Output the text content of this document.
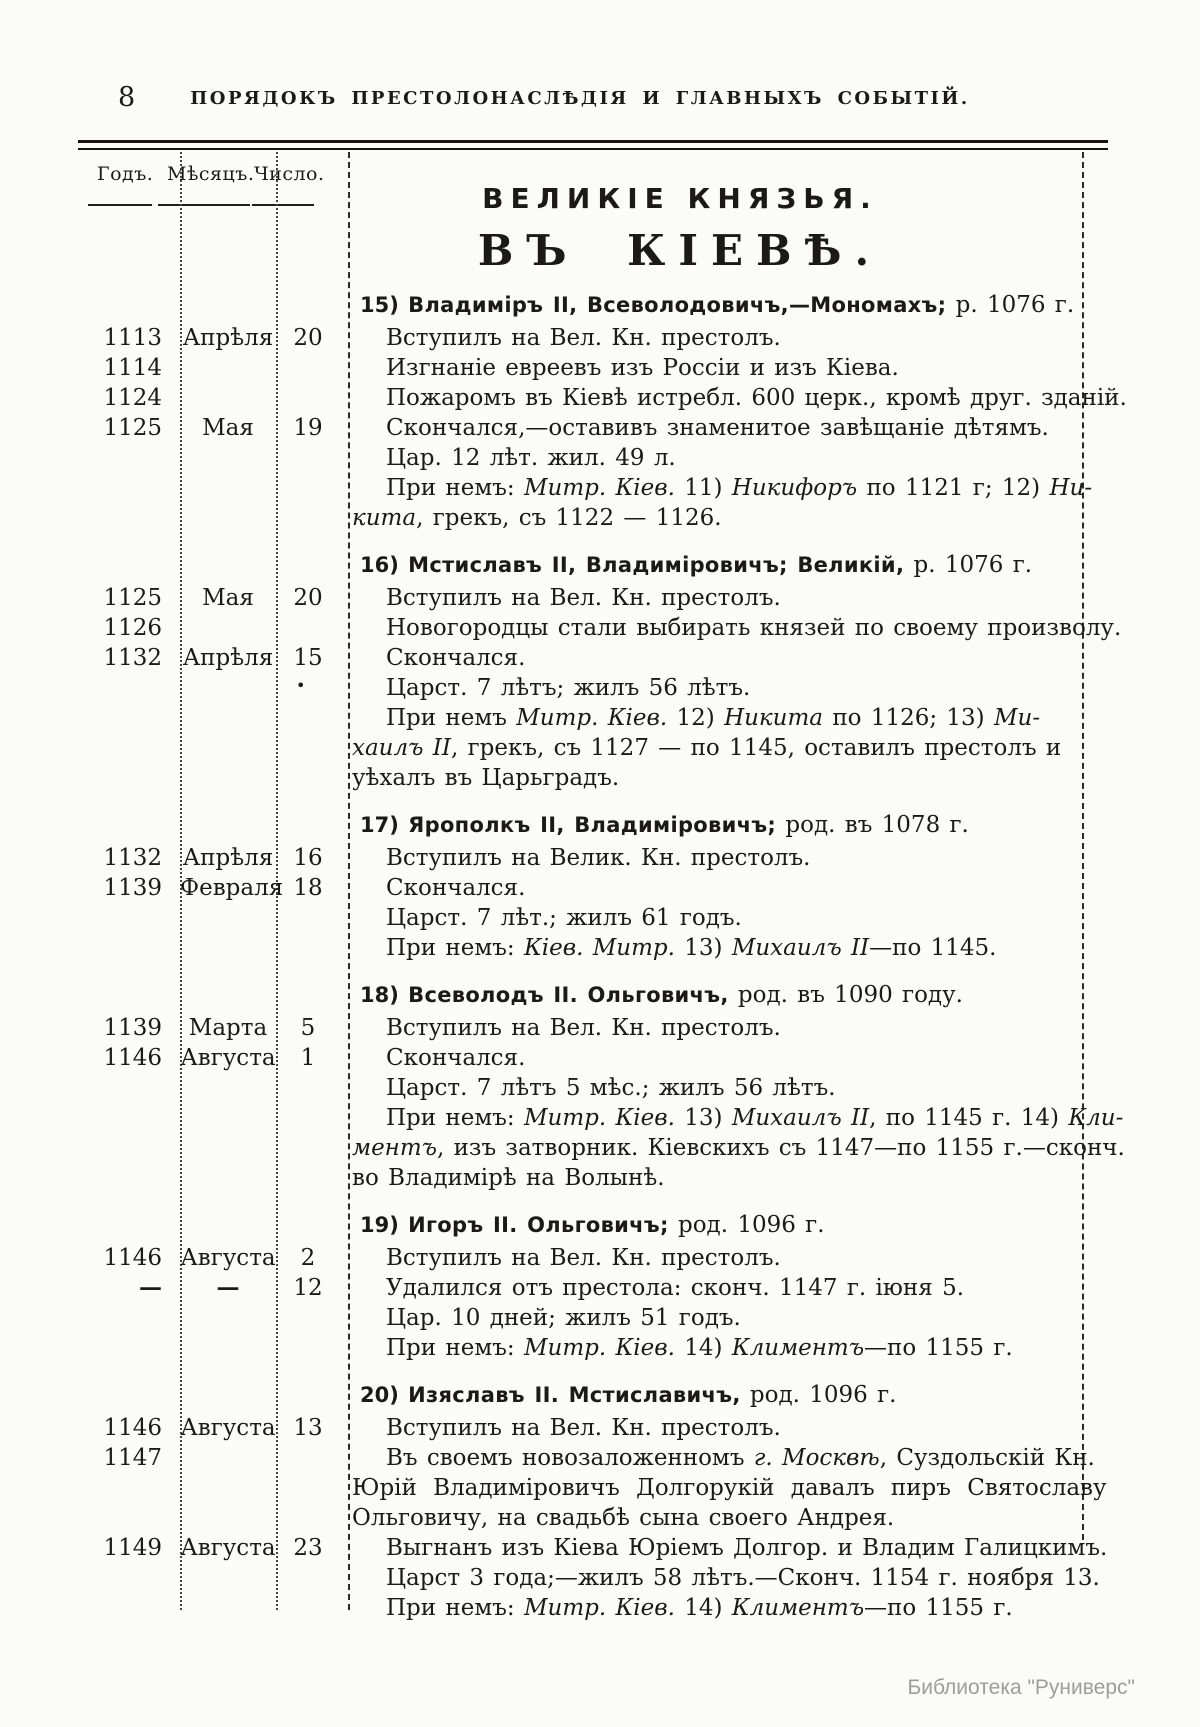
8	ПОРЯДОКЪ ПРЕСТОЛОНАСЛѢДІЯ И ГЛАВНЫХЪ СОБЫТІЙ.
Годъ. Мѣсяцъ. Число.
ВЕЛИКІЕ КНЯЗЬЯ.
ВЪ КІЕВѢ.
15) Владиміръ II, Всеволодовичъ,—Мономахъ; р. 1076 г.
1113 Апрѣля 20	Вступилъ на Вел. Кн. престолъ.
1114	Изгнаніе евреевъ изъ Россіи и изъ Кіева.
1124	Пожаромъ въ Кіевѣ истребл. 600 церк., кромѣ друг. зданій.
1125	Мая	19	Скончался,—оставивъ знаменитое завѣщаніе дѣтямъ.
Цар. 12 лѣт. жил. 49 л.
При немъ: Митр. Кіев. 11) Никифоръ по 1121 г; 12) Ни-
кита, грекъ, съ 1122 — 1126.
16) Мстиславъ II, Владиміровичъ; Великій, р. 1076 г.
1125	Мая	20	Вступилъ на Вел. Кн. престолъ.
1126	Новогородцы стали выбирать князей по своему произволу.
1132 Апрѣля 15	Скончался.
Царст. 7 лѣтъ; жилъ 56 лѣтъ.
При немъ Митр. Кіев. 12) Никита по 1126; 13) Ми-
хаилъ II, грекъ, съ 1127 — по 1145, оставилъ престолъ и
уѣхалъ въ Царьградъ.
17) Ярополкъ II, Владиміровичъ; род. въ 1078 г.
1132 Апрѣля 16	Вступилъ на Велик. Кн. престолъ.
1139 Февраля 18	Скончался.
Царст. 7 лѣт.; жилъ 61 годъ.
При немъ: Кіев. Митр. 13) Михаилъ II—по 1145.
18) Всеволодъ II. Ольговичъ, род. въ 1090 году.
1139	Марта	5	Вступилъ на Вел. Кн. престолъ.
1146 Августа	1	Скончался.
Царст. 7 лѣтъ 5 мѣс.; жилъ 56 лѣтъ.
При немъ: Митр. Кіев. 13) Михаилъ II, по 1145 г. 14) Кли-
ментъ, изъ затворник. Кіевскихъ съ 1147—по 1155 г.—сконч.
во Владимірѣ на Волынѣ.
19) Игоръ II. Ольговичъ; род. 1096 г.
1146 Августа	2	Вступилъ на Вел. Кн. престолъ.
—	—	12	Удалился отъ престола: сконч. 1147 г. іюня 5.
Цар. 10 дней; жилъ 51 годъ.
При немъ: Митр. Кіев. 14) Климентъ—по 1155 г.
20) Изяславъ II. Мстиславичъ, род. 1096 г.
1146 Августа 13	Вступилъ на Вел. Кн. престолъ.
1147	Въ своемъ новозаложенномъ г. Москвѣ, Суздольскій Кн.
Юрій Владиміровичъ Долгорукій давалъ пиръ Святославу
Ольговичу, на свадьбѣ сына своего Андрея.
1149 Августа 23	Выгнанъ изъ Кіева Юріемъ Долгор. и Владим Галицкимъ.
Царст 3 года;—жилъ 58 лѣтъ.—Сконч. 1154 г. ноября 13.
При немъ: Митр. Кіев. 14) Климентъ—по 1155 г.
•
Библиотека "Руниверс"
